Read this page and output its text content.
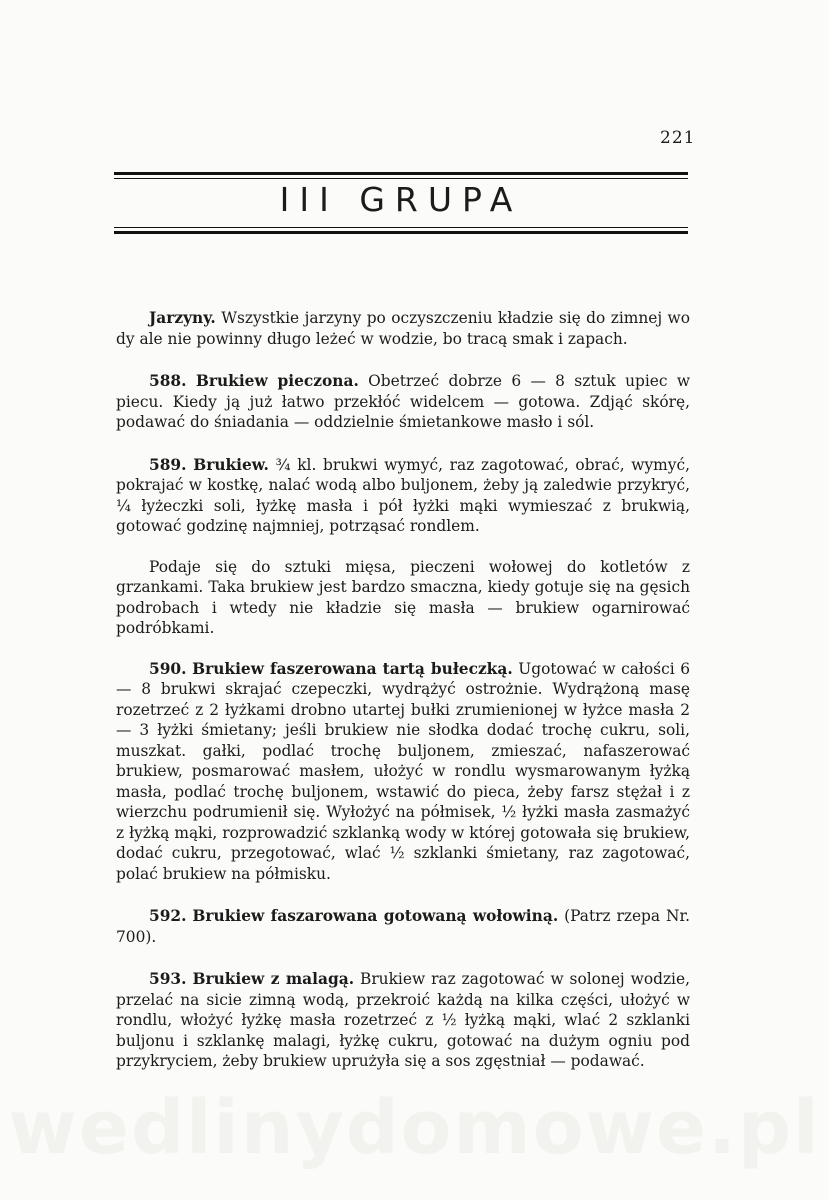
221
III GRUPA

Jarzyny. Wszystkie jarzyny po oczyszczeniu kładzie się do zimnej wo dy ale nie powinny długo leżeć w wodzie, bo tracą smak i zapach.

588. Brukiew pieczona. Obetrzeć dobrze 6 — 8 sztuk upiec w piecu. Kiedy ją już łatwo przekłóć widelcem — gotowa. Zdjąć skórę, podawać do śniadania — oddzielnie śmietankowe masło i sól.

589. Brukiew. ¾ kl. brukwi wymyć, raz zagotować, obrać, wymyć, pokrajać w kostkę, nalać wodą albo buljonem, żeby ją zaledwie przykryć, ¼ łyżeczki soli, łyżkę masła i pół łyżki mąki wymieszać z brukwią, gotować godzinę najmniej, potrząsać rondlem.

Podaje się do sztuki mięsa, pieczeni wołowej do kotletów z grzankami. Taka brukiew jest bardzo smaczna, kiedy gotuje się na gęsich podrobach i wtedy nie kładzie się masła — brukiew ogarnirować podróbkami.

590. Brukiew faszerowana tartą bułeczką. Ugotować w całości 6 — 8 brukwi skrajać czepeczki, wydrążyć ostrożnie. Wydrążoną masę rozetrzeć z 2 łyżkami drobno utartej bułki zrumienionej w łyżce masła 2 — 3 łyżki śmietany; jeśli brukiew nie słodka dodać trochę cukru, soli, muszkat. gałki, podlać trochę buljonem, zmieszać, nafaszerować brukiew, posmarować masłem, ułożyć w rondlu wysmarowanym łyżką masła, podlać trochę buljonem, wstawić do pieca, żeby farsz stężał i z wierzchu podrumienił się. Wyłożyć na półmisek, ½ łyżki masła zasmażyć z łyżką mąki, rozprowadzić szklanką wody w której gotowała się brukiew, dodać cukru, przegotować, wlać ½ szklanki śmietany, raz zagotować, polać brukiew na półmisku.

592. Brukiew faszarowana gotowaną wołowiną. (Patrz rzepa Nr. 700).

593. Brukiew z malagą. Brukiew raz zagotować w solonej wodzie, przelać na sicie zimną wodą, przekroić każdą na kilka części, ułożyć w rondlu, włożyć łyżkę masła rozetrzeć z ½ łyżką mąki, wlać 2 szklanki buljonu i szklankę malagi, łyżkę cukru, gotować na dużym ogniu pod przykryciem, żeby brukiew uprużyła się a sos zgęstniał — podawać.

wedlinydomowe.pl
